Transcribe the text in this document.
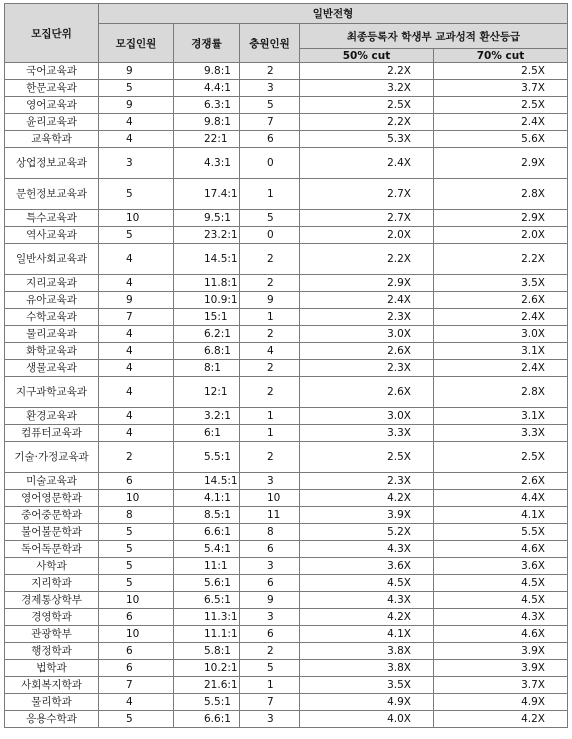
모집단위	일반전형				
	모집인원	경쟁률	충원인원	최종등록자 학생부 교과성적 환산등급	
				50% cut	70% cut
국어교육과	9	9.8:1	2	2.2X	2.5X
한문교육과	5	4.4:1	3	3.2X	3.7X
영어교육과	9	6.3:1	5	2.5X	2.5X
윤리교육과	4	9.8:1	7	2.2X	2.4X
교육학과	4	22:1	6	5.3X	5.6X
상업정보교육과	3	4.3:1	0	2.4X	2.9X
문헌정보교육과	5	17.4:1	1	2.7X	2.8X
특수교육과	10	9.5:1	5	2.7X	2.9X
역사교육과	5	23.2:1	0	2.0X	2.0X
일반사회교육과	4	14.5:1	2	2.2X	2.2X
지리교육과	4	11.8:1	2	2.9X	3.5X
유아교육과	9	10.9:1	9	2.4X	2.6X
수학교육과	7	15:1	1	2.3X	2.4X
물리교육과	4	6.2:1	2	3.0X	3.0X
화학교육과	4	6.8:1	4	2.6X	3.1X
생물교육과	4	8:1	2	2.3X	2.4X
지구과학교육과	4	12:1	2	2.6X	2.8X
환경교육과	4	3.2:1	1	3.0X	3.1X
컴퓨터교육과	4	6:1	1	3.3X	3.3X
기술·가정교육과	2	5.5:1	2	2.5X	2.5X
미술교육과	6	14.5:1	3	2.3X	2.6X
영어영문학과	10	4.1:1	10	4.2X	4.4X
중어중문학과	8	8.5:1	11	3.9X	4.1X
불어불문학과	5	6.6:1	8	5.2X	5.5X
독어독문학과	5	5.4:1	6	4.3X	4.6X
사학과	5	11:1	3	3.6X	3.6X
지리학과	5	5.6:1	6	4.5X	4.5X
경제통상학부	10	6.5:1	9	4.3X	4.5X
경영학과	6	11.3:1	3	4.2X	4.3X
관광학부	10	11.1:1	6	4.1X	4.6X
행정학과	6	5.8:1	2	3.8X	3.9X
법학과	6	10.2:1	5	3.8X	3.9X
사회복지학과	7	21.6:1	1	3.5X	3.7X
물리학과	4	5.5:1	7	4.9X	4.9X
응용수학과	5	6.6:1	3	4.0X	4.2X
